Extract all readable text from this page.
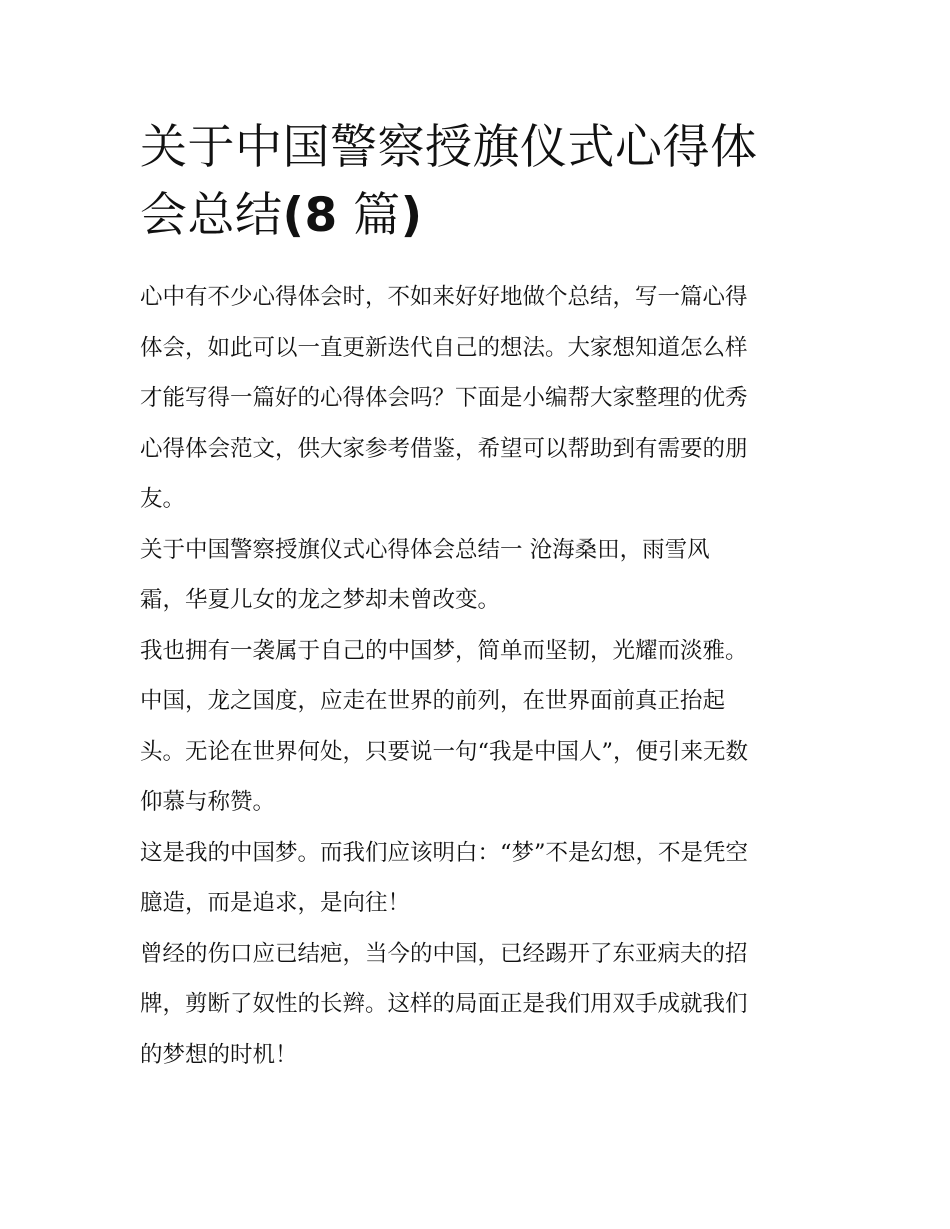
关于中国警察授旗仪式心得体
会总结(8 篇)

心中有不少心得体会时，不如来好好地做个总结，写一篇心得
体会，如此可以一直更新迭代自己的想法。大家想知道怎么样
才能写得一篇好的心得体会吗？下面是小编帮大家整理的优秀
心得体会范文，供大家参考借鉴，希望可以帮助到有需要的朋
友。

关于中国警察授旗仪式心得体会总结一 沧海桑田，雨雪风
霜，华夏儿女的龙之梦却未曾改变。

我也拥有一袭属于自己的中国梦，简单而坚韧，光耀而淡雅。

中国，龙之国度，应走在世界的前列，在世界面前真正抬起
头。无论在世界何处，只要说一句“我是中国人”，便引来无数
仰慕与称赞。

这是我的中国梦。而我们应该明白：“梦”不是幻想，不是凭空
臆造，而是追求，是向往！

曾经的伤口应已结疤，当今的中国，已经踢开了东亚病夫的招
牌，剪断了奴性的长辫。这样的局面正是我们用双手成就我们
的梦想的时机！
